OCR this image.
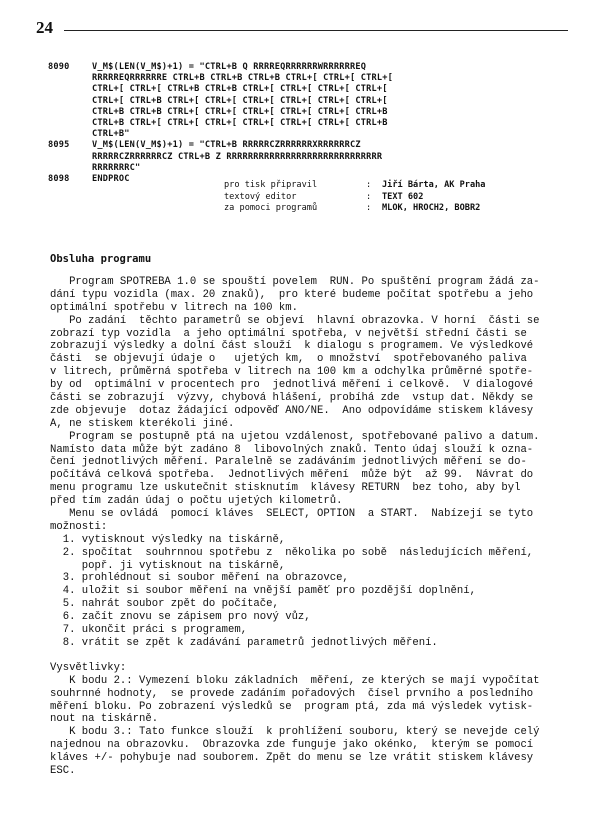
24
8090	V_M$(LEN(V_M$)+1) = "CTRL+B Q RRRREQRRRRRRWRRRRRREQ
RRRRREQRRRRRRE CTRL+B CTRL+B CTRL+B CTRL+[ CTRL+[ CTRL+[
CTRL+[ CTRL+[ CTRL+B CTRL+B CTRL+[ CTRL+[ CTRL+[ CTRL+[
CTRL+[ CTRL+B CTRL+[ CTRL+[ CTRL+[ CTRL+[ CTRL+[ CTRL+[
CTRL+B CTRL+B CTRL+[ CTRL+[ CTRL+[ CTRL+[ CTRL+[ CTRL+B
CTRL+B CTRL+[ CTRL+[ CTRL+[ CTRL+[ CTRL+[ CTRL+[ CTRL+B
CTRL+B"
8095	V_M$(LEN(V_M$)+1) = "CTRL+B RRRRRCZRRRRRRXRRRRRRCZ
RRRRRCZRRRRRRCZ CTRL+B Z RRRRRRRRRRRRRRRRRRRRRRRRRRRRR
RRRRRRRC"
8098	ENDPROC
pro tisk připravil	: Jiří Bárta, AK Praha
textový editor	: TEXT 602
za pomoci programů	: MLOK, HROCH2, BOBR2
Obsluha programu
Program SPOTREBA 1.0 se spouští povelem  RUN. Po spuštění program žádá za-
dání typu vozidla (max. 20 znaků),  pro které budeme počítat spotřebu a jeho
optimální spotřebu v litrech na 100 km.
Po zadání  těchto parametrů se objeví  hlavní obrazovka. V horní  části se
zobrazí typ vozidla  a jeho optimální spotřeba, v největší střední části se
zobrazují výsledky a dolní část slouží  k dialogu s programem. Ve výsledkové
části  se objevují údaje o   ujetých km,  o množství  spotřebovaného paliva
v litrech, průměrná spotřeba v litrech na 100 km a odchylka průměrné spotře-
by od  optimální v procentech pro  jednotlivá měření i celkově.  V dialogové
části se zobrazují  výzvy, chybová hlášení, probíhá zde  vstup dat. Někdy se
zde objevuje  dotaz žádající odpověď ANO/NE.  Ano odpovídáme stiskem klávesy
A, ne stiskem kterékoli jiné.
Program se postupně ptá na ujetou vzdálenost, spotřebované palivo a datum.
Namísto data může být zadáno 8  libovolných znaků. Tento údaj slouží k ozna-
čení jednotlivých měření. Paralelně se zadáváním jednotlivých měření se do-
počítává celková spotřeba.  Jednotlivých měření  může být  až 99.  Návrat do
menu programu lze uskutečnit stisknutím  klávesy RETURN  bez toho, aby byl
před tím zadán údaj o počtu ujetých kilometrů.
Menu se ovládá  pomocí kláves  SELECT, OPTION  a START.  Nabízejí se tyto
možnosti:
1. vytisknout výsledky na tiskárně,
2. spočítat  souhrnnou spotřebu z  několika po sobě  následujících měření,
popř. ji vytisknout na tiskárně,
3. prohlédnout si soubor měření na obrazovce,
4. uložit si soubor měření na vnější paměť pro pozdější doplnění,
5. nahrát soubor zpět do počítače,
6. začít znovu se zápisem pro nový vůz,
7. ukončit práci s programem,
8. vrátit se zpět k zadávání parametrů jednotlivých měření.
Vysvětlivky:
K bodu 2.: Vymezení bloku základních  měření, ze kterých se mají vypočítat
souhrnné hodnoty,  se provede zadáním pořadových  čísel prvního a posledního
měření bloku. Po zobrazení výsledků se  program ptá, zda má výsledek vytisk-
nout na tiskárně.
K bodu 3.: Tato funkce slouží  k prohlížení souboru, který se nevejde celý
najednou na obrazovku.  Obrazovka zde funguje jako okénko,  kterým se pomocí
kláves +/- pohybuje nad souborem. Zpět do menu se lze vrátit stiskem klávesy
ESC.
